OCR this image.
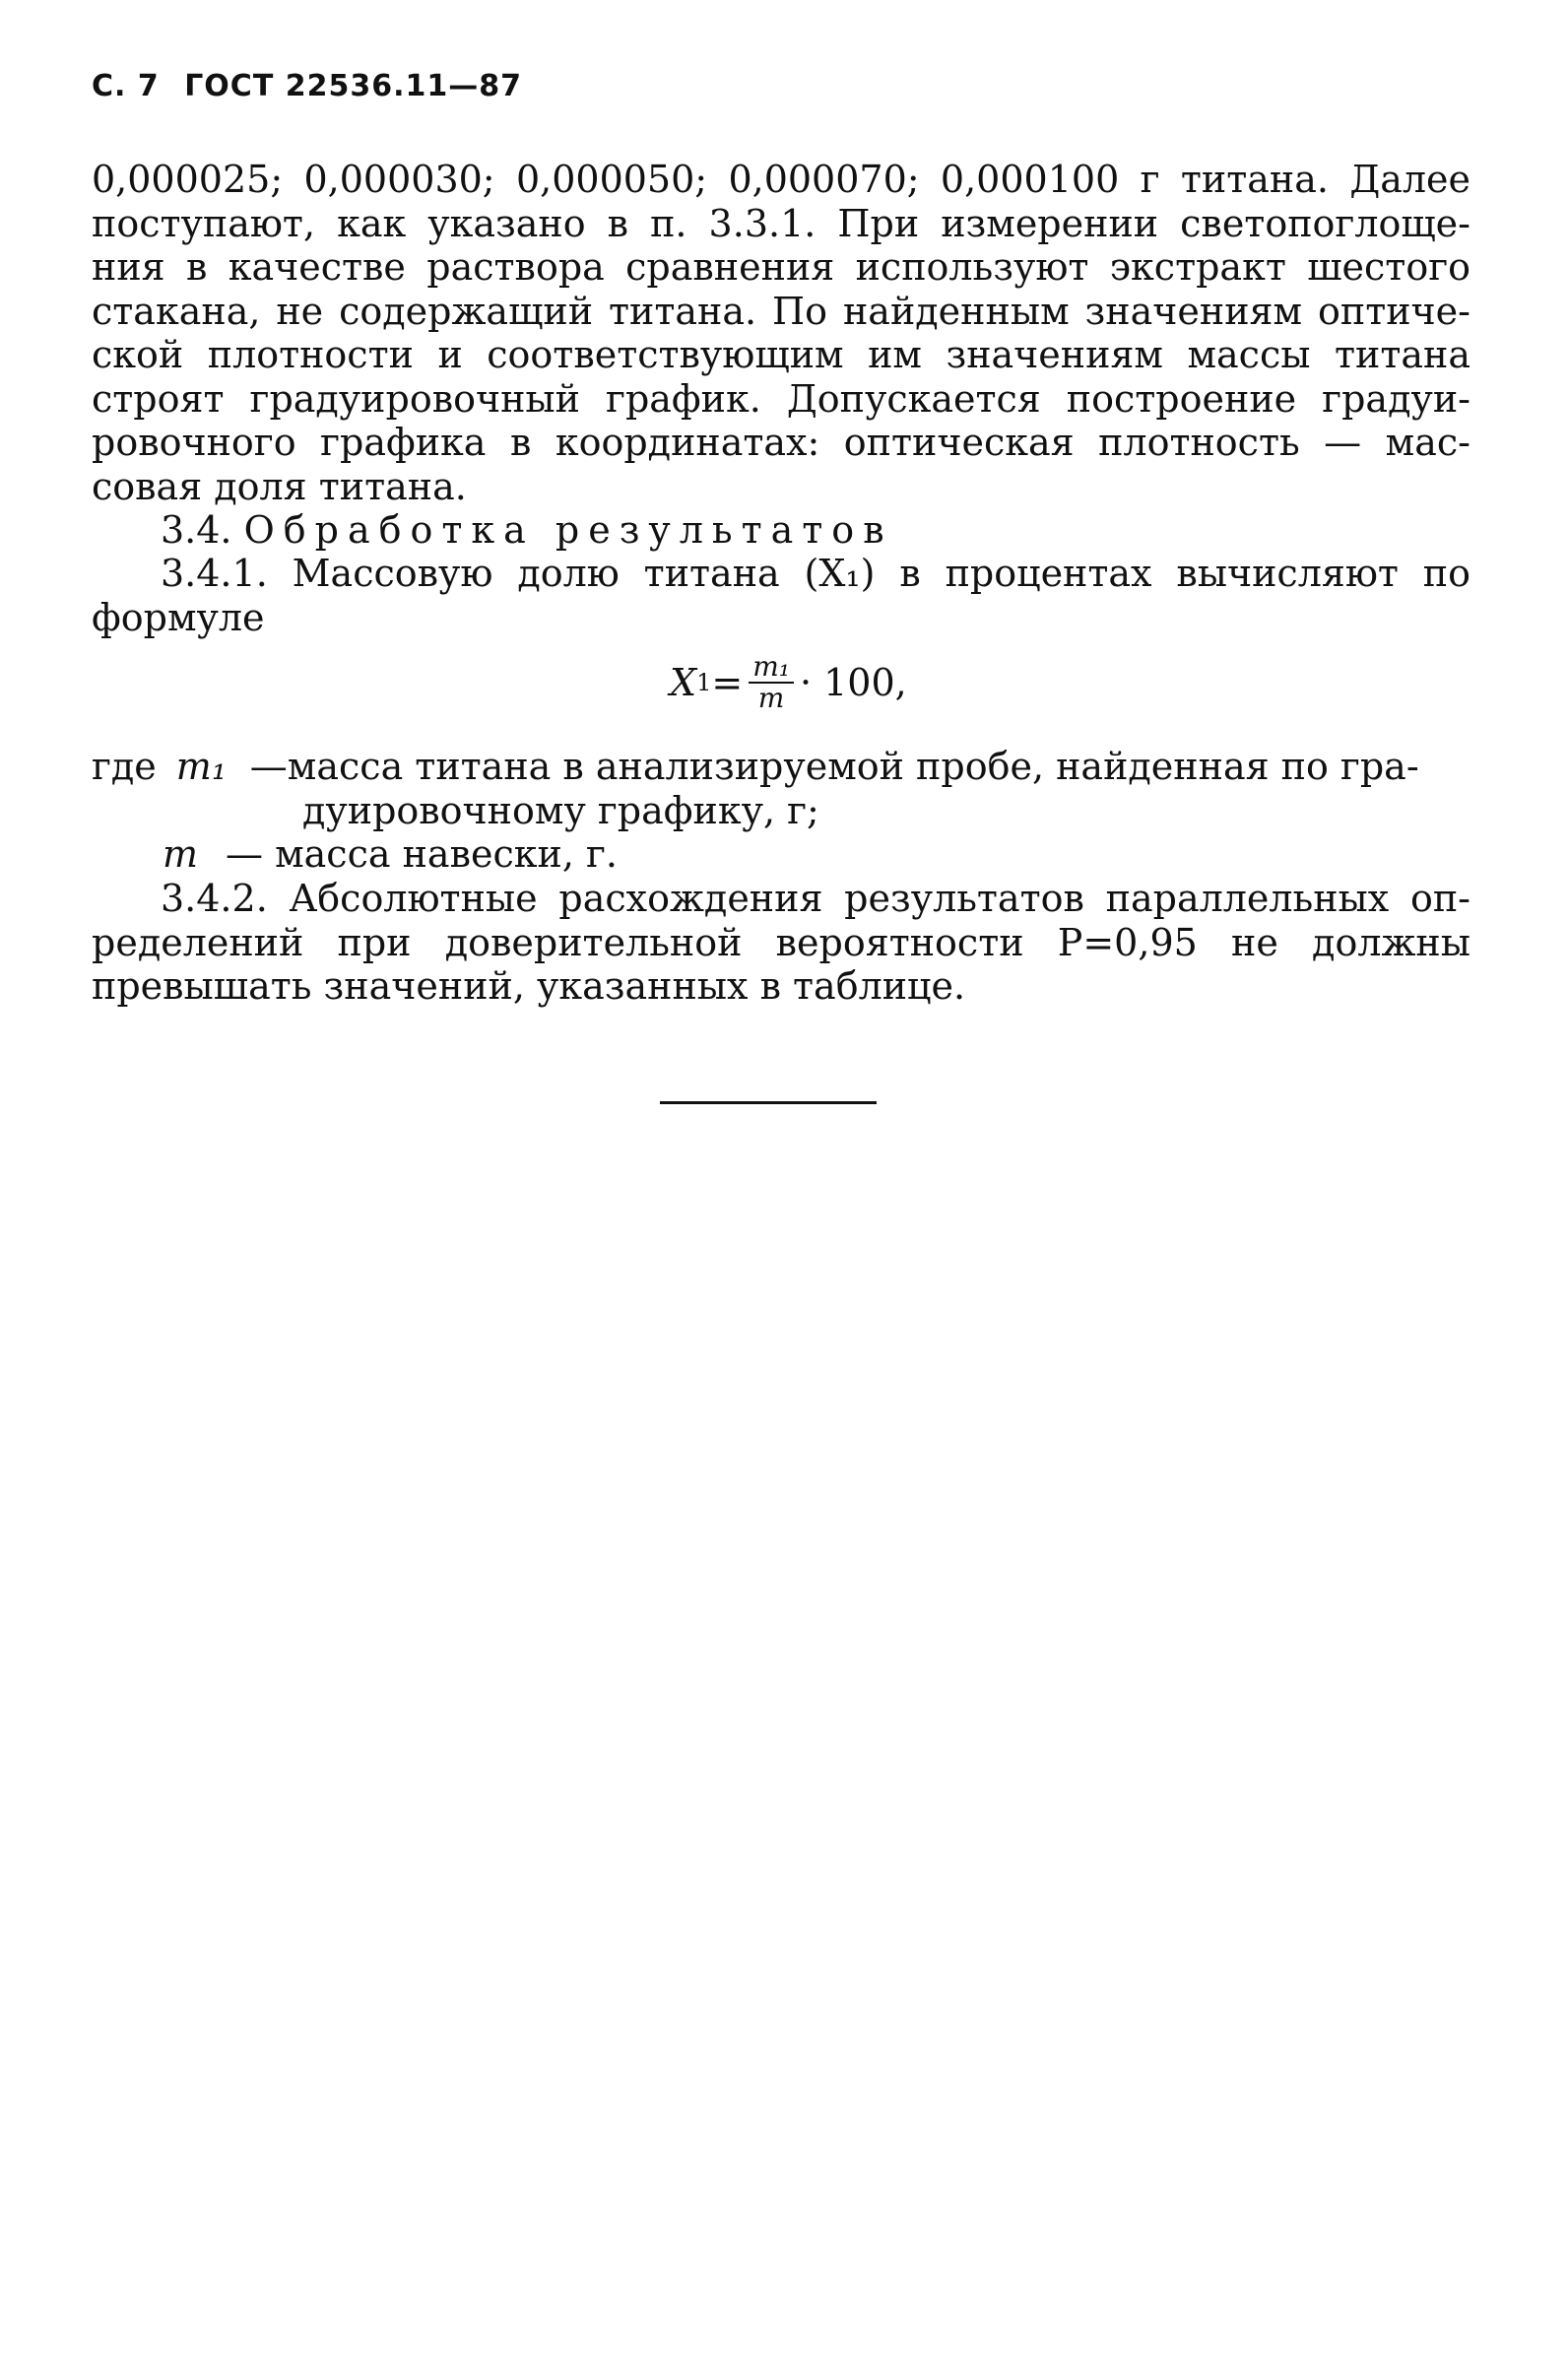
С. 7 ГОСТ 22536.11—87
0,000025; 0,000030; 0,000050; 0,000070; 0,000100 г титана. Далее
поступают, как указано в п. 3.3.1. При измерении светопоглоще-
ния в качестве раствора сравнения используют экстракт шестого
стакана, не содержащий титана. По найденным значениям оптиче-
ской плотности и соответствующим им значениям массы титана
строят градуировочный график. Допускается построение градуи-
ровочного графика в координатах: оптическая плотность — мас-
совая доля титана.
3.4. Обработка результатов
3.4.1. Массовую долю титана (X₁) в процентах вычисляют по
формуле
X $1 = \frac{\text{m₁}}{m} \cdot 100$,
где m₁ —масса титана в анализируемой пробе, найденная по гра-
дуировочному графику, г;
m — масса навески, г.
3.4.2. Абсолютные расхождения результатов параллельных оп-
ределений при доверительной вероятности P=0,95 не должны
превышать значений, указанных в таблице.
